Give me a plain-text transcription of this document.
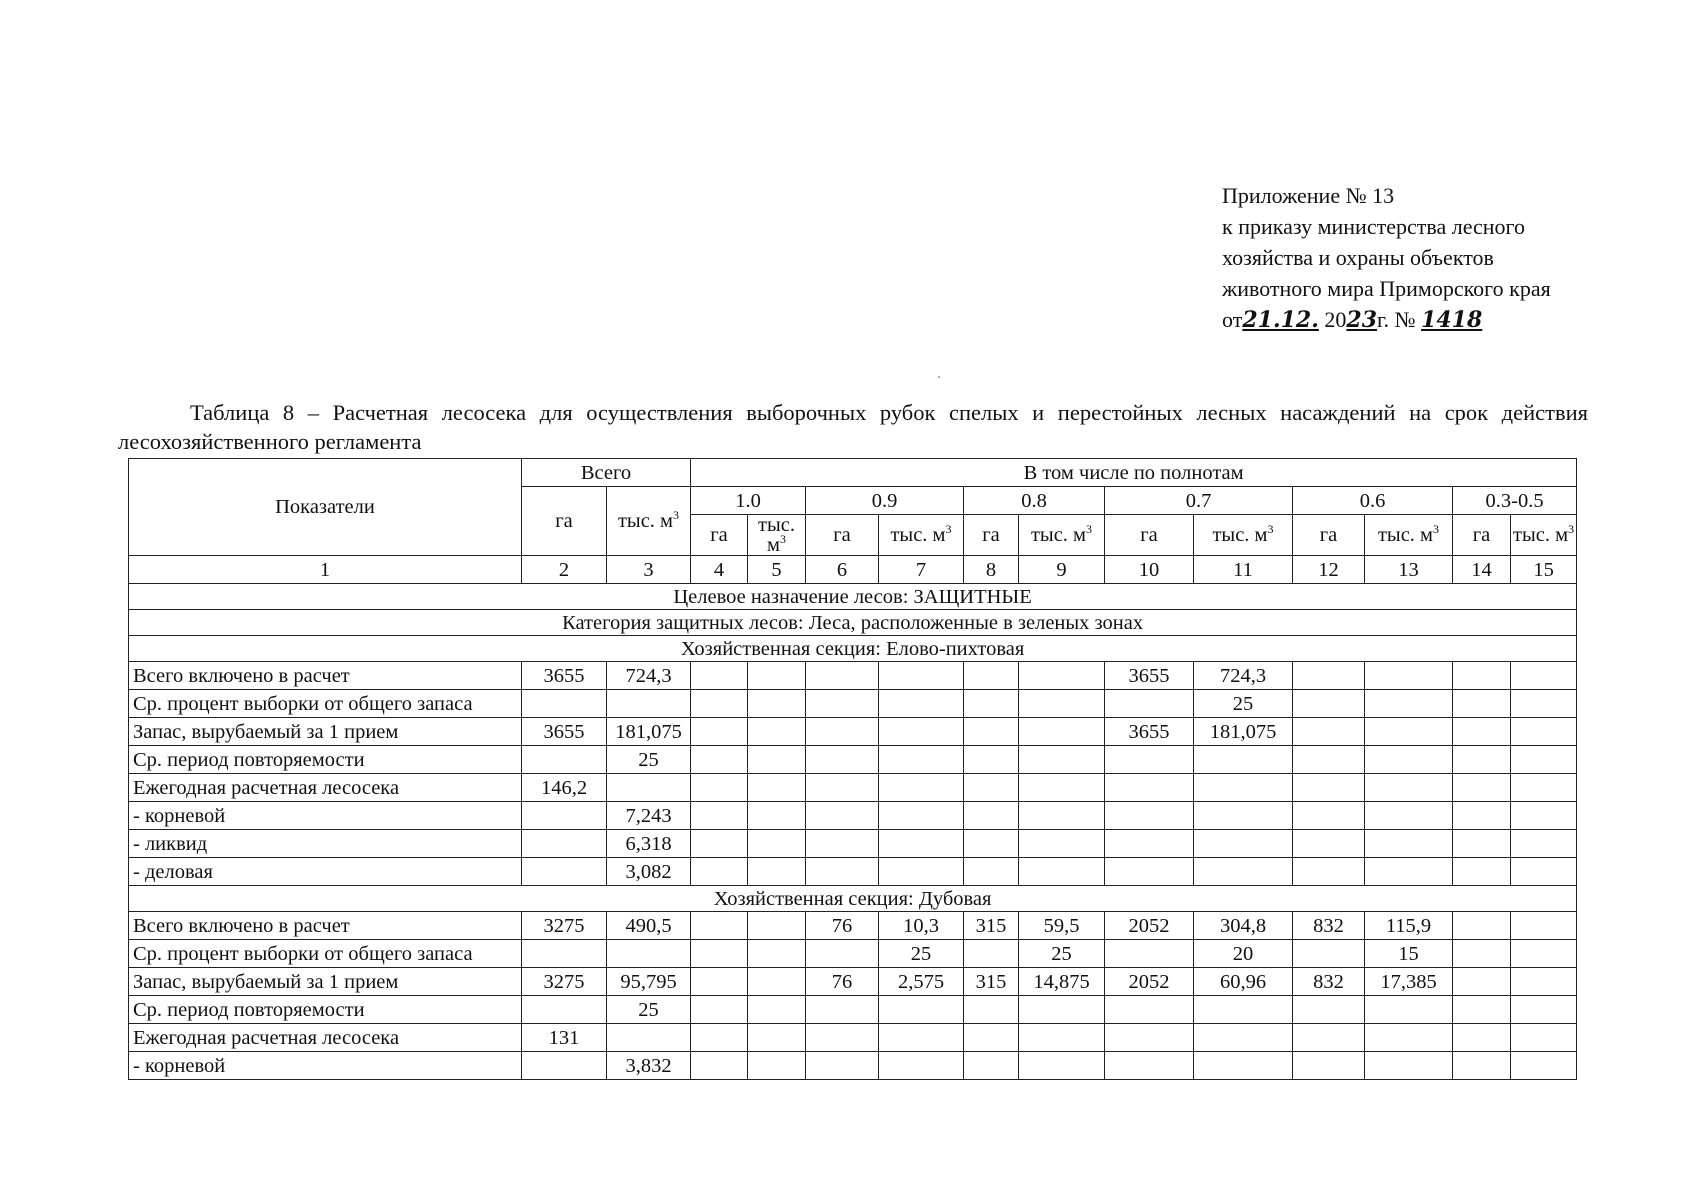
Приложение № 13
к приказу министерства лесного
хозяйства и охраны объектов
животного мира Приморского края
от21.12. 2023г. № 1418
Таблица 8 – Расчетная лесосека для осуществления выборочных рубок спелых и перестойных лесных насаждений на срок действия лесохозяйственного регламента
Показатели	Всего		В том числе по полнотам											
	га	тыс. $м^3$	1.0		0.9		0.8		0.7		0.6		0.3-0.5	
			га	тыс. $м^3$	га	тыс. $м^3$	га	тыс. $м^3$	га	тыс. $м^3$	га	тыс. $м^3$	га	тыс. $м^3$
1	2	3	4	5	6	7	8	9	10	11	12	13	14	15
Целевое назначение лесов: ЗАЩИТНЫЕ														
Категория защитных лесов: Леса, расположенные в зеленых зонах														
Хозяйственная секция: Елово-пихтовая														
Всего включено в расчет	3655	724,3							3655	724,3				
Ср. процент выборки от общего запаса										25				
Запас, вырубаемый за 1 прием	3655	181,075							3655	181,075				
Ср. период повторяемости		25												
Ежегодная расчетная лесосека	146,2													
- корневой		7,243												
- ликвид		6,318												
- деловая		3,082												
Хозяйственная секция: Дубовая														
Всего включено в расчет	3275	490,5			76	10,3	315	59,5	2052	304,8	832	115,9		
Ср. процент выборки от общего запаса						25		25		20		15		
Запас, вырубаемый за 1 прием	3275	95,795			76	2,575	315	14,875	2052	60,96	832	17,385		
Ср. период повторяемости		25												
Ежегодная расчетная лесосека	131													
- корневой		3,832												
